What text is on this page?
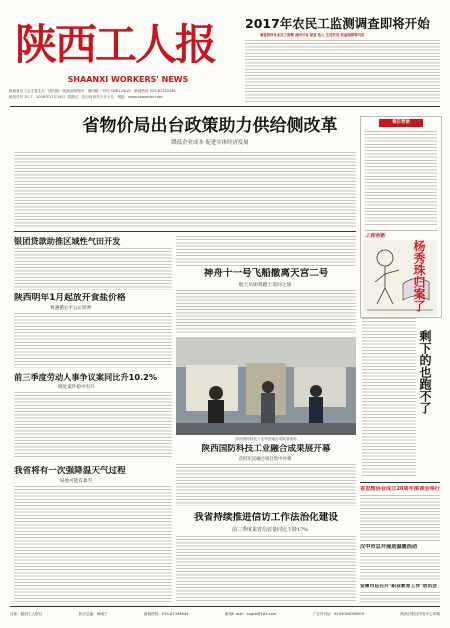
陕西工人报
SHAANXI WORKERS' NEWS
陕西省总工会主管主办 国内统一连续出版物号 国内统一刊号 CN61-0010 新闻热线 029-87325281
邮发代号 51-7 2016年11月18日 星期五 农历丙申年十月十九 网址：www.sxworker.com
2017年农民工监测调查即将开始
调查将涉及农民工规模 流向分布 就业 收入 生活状况 权益保障等内容
省物价局出台政策助力供给侧改革
降低企业成本 促进实体经济发展
每日导读
工程创新
杨秀珠归案了
剩下的也跑不了
银团贷款助推区域性气田开发
陕西明年1月起放开食盐价格
将遵循公平公正原则
前三季度劳动人事争议案同比升10.2%
调处案件稳中有升
我省将有一次强降温天气过程
局地可能有暴雪
神舟十一号飞船撤离天宫二号
航天员即将踏上返回之旅
陕西国防科技工业军民融合成果展现场
陕西国防科技工业融合成果展开幕
首批军民融合项目集中亮相
我省持续推进信访工作法治化建设
前三季度来省信访量同比下降17%
省思想协会成立20周年座谈会举行
汉中市总开展送温暖活动
安康市总召开"职业教育工作"动员会
社址：陕西工人报社	执行总编：杨晓宁	新闻热线：029-87344844	新闻E-mail：sxgrb@163.com	广告许可证：6100004000003	陕西日报社印务中心印刷
